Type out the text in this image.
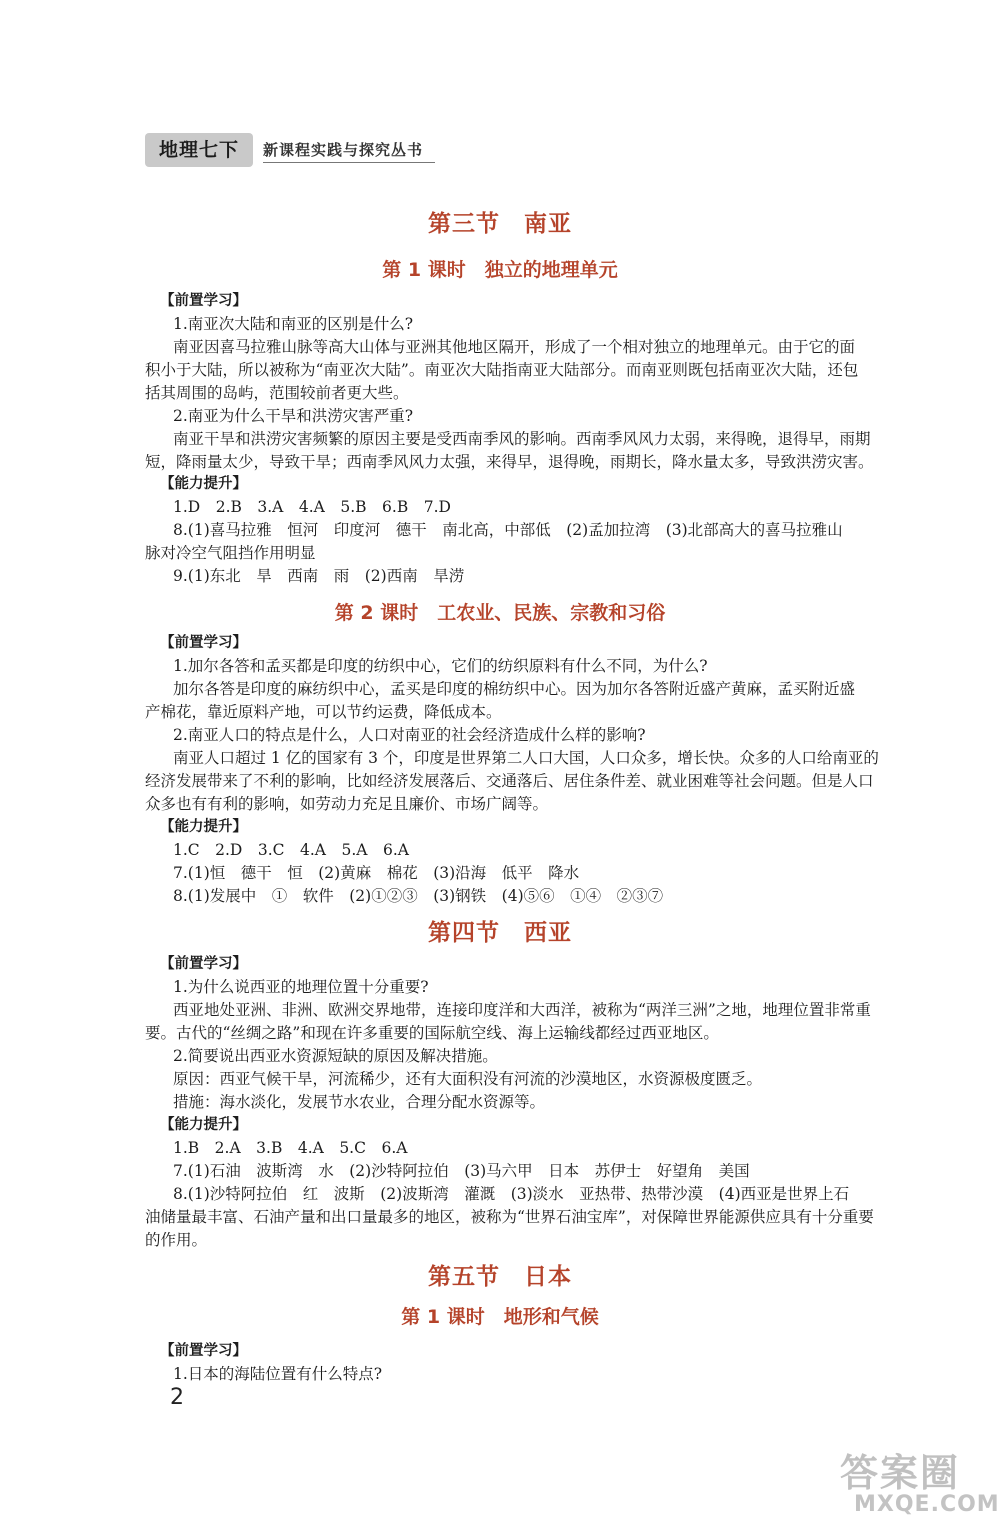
地理七下	新课程实践与探究丛书
第三节　南亚
第 1 课时　独立的地理单元
【前置学习】
1.南亚次大陆和南亚的区别是什么?
南亚因喜马拉雅山脉等高大山体与亚洲其他地区隔开，形成了一个相对独立的地理单元。由于它的面
积小于大陆，所以被称为“南亚次大陆”。南亚次大陆指南亚大陆部分。而南亚则既包括南亚次大陆，还包
括其周围的岛屿，范围较前者更大些。
2.南亚为什么干旱和洪涝灾害严重?
南亚干旱和洪涝灾害频繁的原因主要是受西南季风的影响。西南季风风力太弱，来得晚，退得早，雨期
短，降雨量太少，导致干旱；西南季风风力太强，来得早，退得晚，雨期长，降水量太多，导致洪涝灾害。
【能力提升】
1.D　2.B　3.A　4.A　5.B　6.B　7.D
8.(1)喜马拉雅　恒河　印度河　德干　南北高，中部低　(2)孟加拉湾　(3)北部高大的喜马拉雅山
脉对冷空气阻挡作用明显
9.(1)东北　旱　西南　雨　(2)西南　旱涝
第 2 课时　工农业、民族、宗教和习俗
【前置学习】
1.加尔各答和孟买都是印度的纺织中心，它们的纺织原料有什么不同，为什么?
加尔各答是印度的麻纺织中心，孟买是印度的棉纺织中心。因为加尔各答附近盛产黄麻，孟买附近盛
产棉花，靠近原料产地，可以节约运费，降低成本。
2.南亚人口的特点是什么，人口对南亚的社会经济造成什么样的影响?
南亚人口超过 1 亿的国家有 3 个，印度是世界第二人口大国，人口众多，增长快。众多的人口给南亚的
经济发展带来了不利的影响，比如经济发展落后、交通落后、居住条件差、就业困难等社会问题。但是人口
众多也有有利的影响，如劳动力充足且廉价、市场广阔等。
【能力提升】
1.C　2.D　3.C　4.A　5.A　6.A
7.(1)恒　德干　恒　(2)黄麻　棉花　(3)沿海　低平　降水
8.(1)发展中　①　软件　(2)①②③　(3)钢铁　(4)⑤⑥　①④　②③⑦
第四节　西亚
【前置学习】
1.为什么说西亚的地理位置十分重要?
西亚地处亚洲、非洲、欧洲交界地带，连接印度洋和大西洋，被称为“两洋三洲”之地，地理位置非常重
要。古代的“丝绸之路”和现在许多重要的国际航空线、海上运输线都经过西亚地区。
2.简要说出西亚水资源短缺的原因及解决措施。
原因：西亚气候干旱，河流稀少，还有大面积没有河流的沙漠地区，水资源极度匮乏。
措施：海水淡化，发展节水农业，合理分配水资源等。
【能力提升】
1.B　2.A　3.B　4.A　5.C　6.A
7.(1)石油　波斯湾　水　(2)沙特阿拉伯　(3)马六甲　日本　苏伊士　好望角　美国
8.(1)沙特阿拉伯　红　波斯　(2)波斯湾　灌溉　(3)淡水　亚热带、热带沙漠　(4)西亚是世界上石
油储量最丰富、石油产量和出口量最多的地区，被称为“世界石油宝库”，对保障世界能源供应具有十分重要
的作用。
第五节　日本
第 1 课时　地形和气候
【前置学习】
1.日本的海陆位置有什么特点?
2
答案圈
MXQE.COM
